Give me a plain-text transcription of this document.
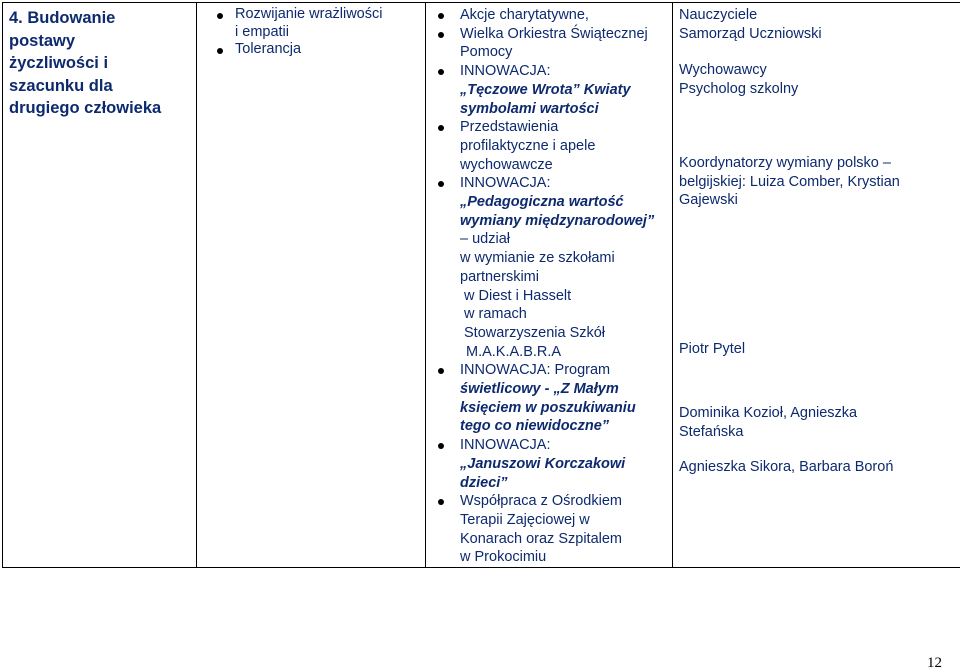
4. Budowanie
postawy
życzliwości i
szacunku dla
drugiego człowieka

Rozwijanie wrażliwości
i empatii
Tolerancja

Akcje charytatywne,
Wielka Orkiestra Świątecznej
Pomocy
INNOWACJA:
„Tęczowe Wrota” Kwiaty
symbolami wartości
Przedstawienia
profilaktyczne i apele
wychowawcze
INNOWACJA:
„Pedagogiczna wartość
wymiany międzynarodowej”
– udział
w wymianie ze szkołami
partnerskimi
w Diest i Hasselt
w ramach
Stowarzyszenia Szkół
M.A.K.A.B.R.A
INNOWACJA: Program
świetlicowy - „Z Małym
księciem w poszukiwaniu
tego co niewidoczne”
INNOWACJA:
„Januszowi Korczakowi
dzieci”
Współpraca z Ośrodkiem
Terapii Zajęciowej w
Konarach oraz Szpitalem
w Prokocimiu

Nauczyciele
Samorząd Uczniowski
Wychowawcy
Psycholog szkolny
Koordynatorzy wymiany polsko –
belgijskiej: Luiza Comber, Krystian
Gajewski
Piotr Pytel
Dominika Kozioł, Agnieszka
Stefańska
Agnieszka Sikora, Barbara Boroń
12
